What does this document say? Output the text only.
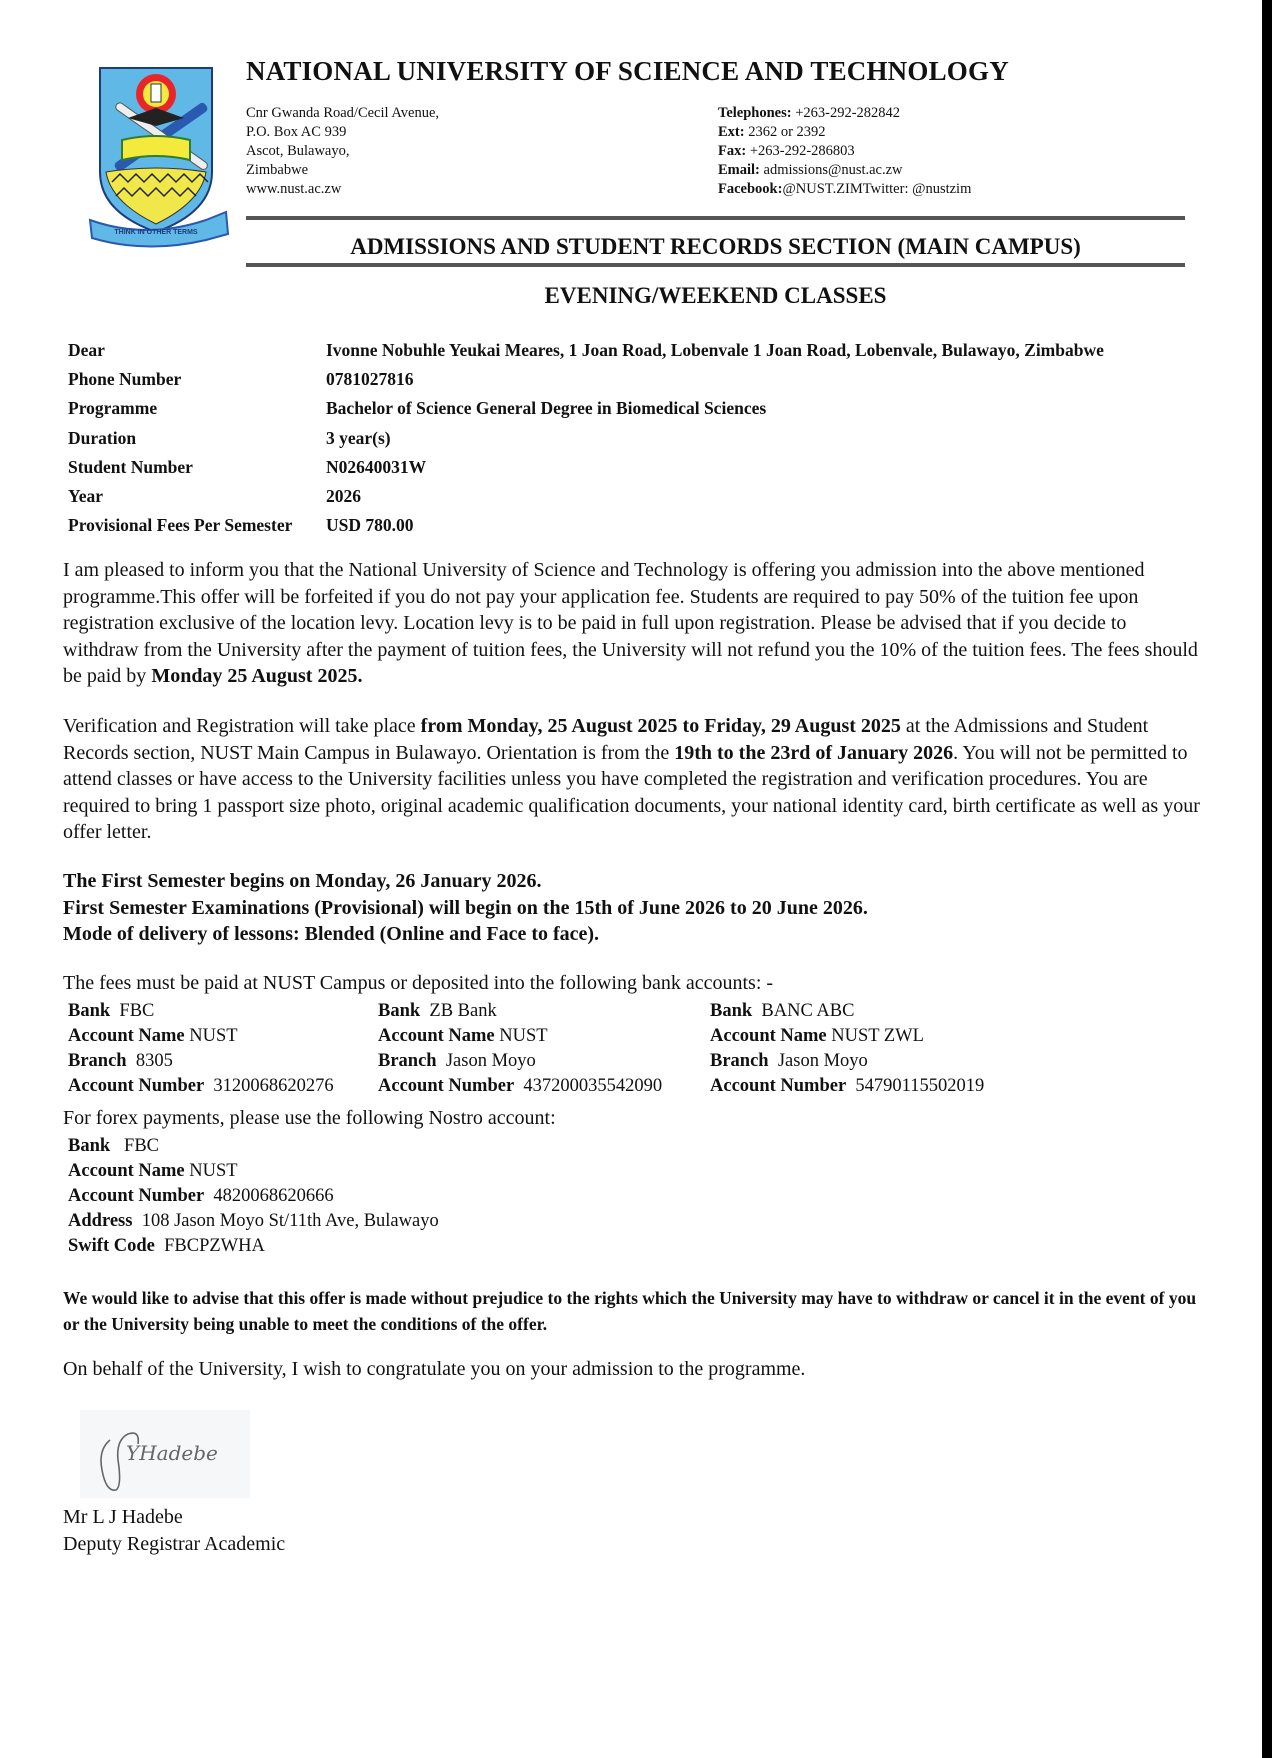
THINK IN OTHER TERMS
NATIONAL UNIVERSITY OF SCIENCE AND TECHNOLOGY
Cnr Gwanda Road/Cecil Avenue,
P.O. Box AC 939
Ascot, Bulawayo,
Zimbabwe
www.nust.ac.zw
Telephones: +263-292-282842
Ext: 2362 or 2392
Fax: +263-292-286803
Email: admissions@nust.ac.zw
Facebook:@NUST.ZIMTwitter: @nustzim
ADMISSIONS AND STUDENT RECORDS SECTION (MAIN CAMPUS)
EVENING/WEEKEND CLASSES
Dear	Ivonne Nobuhle Yeukai Meares, 1 Joan Road, Lobenvale 1 Joan Road, Lobenvale, Bulawayo, Zimbabwe
Phone Number	0781027816
Programme	Bachelor of Science General Degree in Biomedical Sciences
Duration	3 year(s)
Student Number	N02640031W
Year	2026
Provisional Fees Per Semester	USD 780.00
I am pleased to inform you that the National University of Science and Technology is offering you admission into the above mentioned programme.This offer will be forfeited if you do not pay your application fee. Students are required to pay 50% of the tuition fee upon registration exclusive of the location levy. Location levy is to be paid in full upon registration. Please be advised that if you decide to withdraw from the University after the payment of tuition fees, the University will not refund you the 10% of the tuition fees. The fees should be paid by Monday 25 August 2025.
Verification and Registration will take place from Monday, 25 August 2025 to Friday, 29 August 2025 at the Admissions and Student Records section, NUST Main Campus in Bulawayo. Orientation is from the 19th to the 23rd of January 2026. You will not be permitted to attend classes or have access to the University facilities unless you have completed the registration and verification procedures. You are required to bring 1 passport size photo, original academic qualification documents, your national identity card, birth certificate as well as your offer letter.
The First Semester begins on Monday, 26 January 2026.
First Semester Examinations (Provisional) will begin on the 15th of June 2026 to 20 June 2026.
Mode of delivery of lessons: Blended (Online and Face to face).
The fees must be paid at NUST Campus or deposited into the following bank accounts: -
Bank FBC
Account Name NUST
Branch 8305
Account Number 3120068620276
Bank ZB Bank
Account Name NUST
Branch Jason Moyo
Account Number 437200035542090
Bank BANC ABC
Account Name NUST ZWL
Branch Jason Moyo
Account Number 54790115502019
For forex payments, please use the following Nostro account:
Bank FBC
Account Name NUST
Account Number 4820068620666
Address 108 Jason Moyo St/11th Ave, Bulawayo
Swift Code FBCPZWHA
We would like to advise that this offer is made without prejudice to the rights which the University may have to withdraw or cancel it in the event of you or the University being unable to meet the conditions of the offer.
On behalf of the University, I wish to congratulate you on your admission to the programme.
YHadebe
Mr L J Hadebe
Deputy Registrar Academic
